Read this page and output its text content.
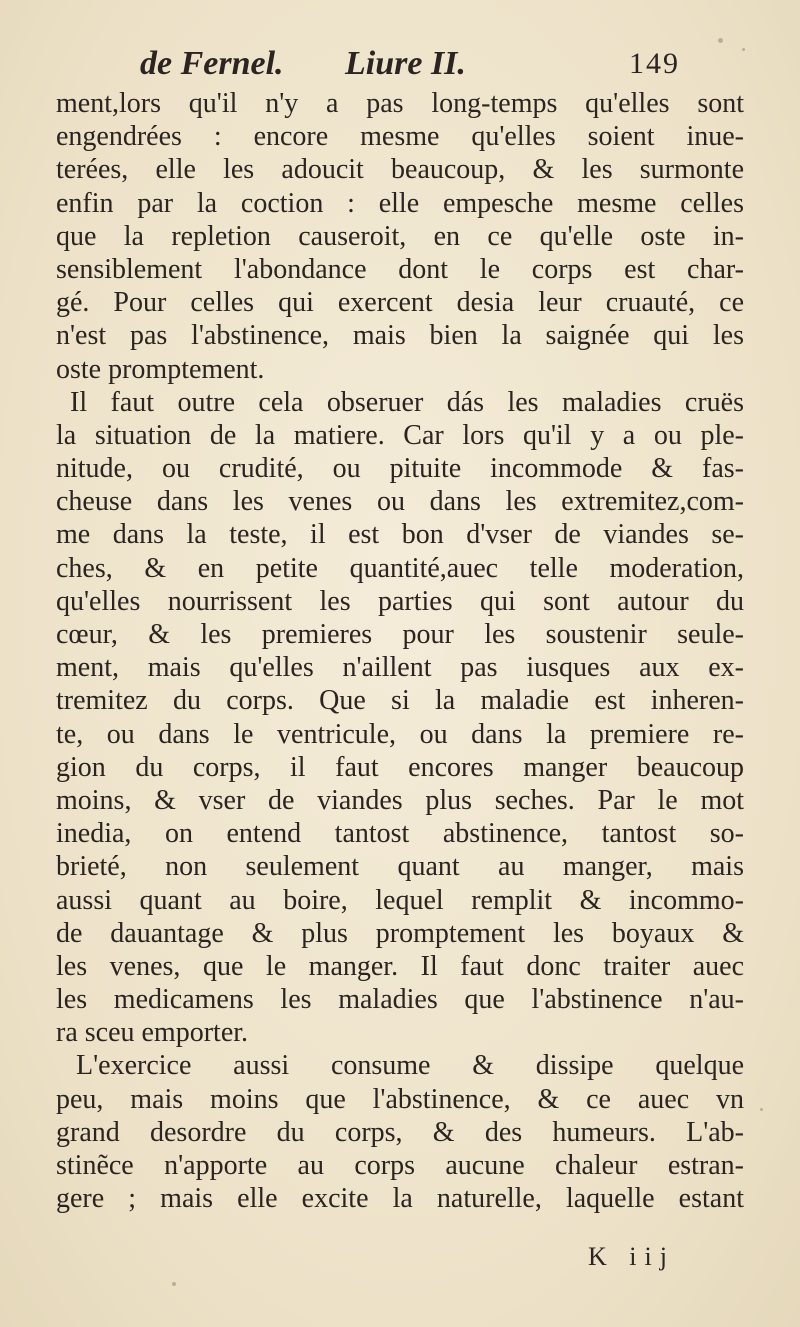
de Fernel. Liure II.	149
ment,lors qu'il n'y a pas long-temps qu'elles sont
engendrées : encore mesme qu'elles soient inue-
terées, elle les adoucit beaucoup, & les surmonte
enfin par la coction : elle empesche mesme celles
que la repletion causeroit, en ce qu'elle oste in-
sensiblement l'abondance dont le corps est char-
gé. Pour celles qui exercent desia leur cruauté, ce
n'est pas l'abstinence, mais bien la saignée qui les
oste promptement.
Il faut outre cela obseruer dás les maladies cruës
la situation de la matiere. Car lors qu'il y a ou ple-
nitude, ou crudité, ou pituite incommode & fas-
cheuse dans les venes ou dans les extremitez,com-
me dans la teste, il est bon d'vser de viandes se-
ches, & en petite quantité,auec telle moderation,
qu'elles nourrissent les parties qui sont autour du
cœur, & les premieres pour les soustenir seule-
ment, mais qu'elles n'aillent pas iusques aux ex-
tremitez du corps. Que si la maladie est inheren-
te, ou dans le ventricule, ou dans la premiere re-
gion du corps, il faut encores manger beaucoup
moins, & vser de viandes plus seches. Par le mot
inedia, on entend tantost abstinence, tantost so-
brieté, non seulement quant au manger, mais
aussi quant au boire, lequel remplit & incommo-
de dauantage & plus promptement les boyaux &
les venes, que le manger. Il faut donc traiter auec
les medicamens les maladies que l'abstinence n'au-
ra sceu emporter.
L'exercice aussi consume & dissipe quelque
peu, mais moins que l'abstinence, & ce auec vn
grand desordre du corps, & des humeurs. L'ab-
stinẽce n'apporte au corps aucune chaleur estran-
gere ; mais elle excite la naturelle, laquelle estant
K iij
